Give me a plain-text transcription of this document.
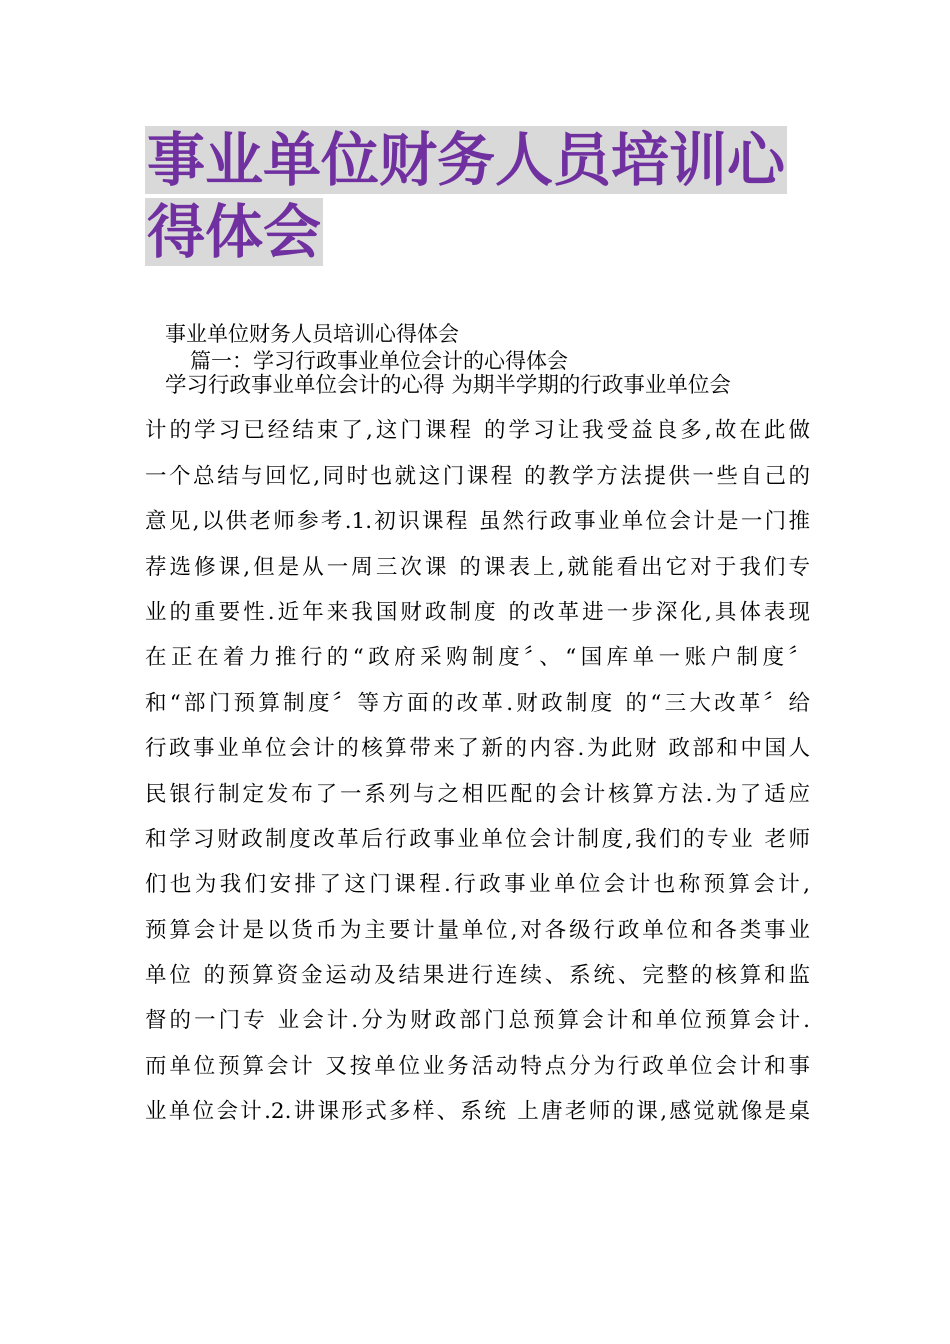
事业单位财务人员培训心
得体会

事业单位财务人员培训心得体会

篇一：学习行政事业单位会计的心得体会

学习行政事业单位会计的心得 为期半学期的行政事业单位会
计的学习已经结束了,这门课程 的学习让我受益良多,故在此做
一个总结与回忆,同时也就这门课程 的教学方法提供一些自己的
意见,以供老师参考.1.初识课程 虽然行政事业单位会计是一门推
荐选修课,但是从一周三次课 的课表上,就能看出它对于我们专
业的重要性.近年来我国财政制度 的改革进一步深化,具体表现
在正在着力推行的“政府采购制度〞、“国库单一账户制度〞
和“部门预算制度〞等方面的改革.财政制度 的“三大改革〞给
行政事业单位会计的核算带来了新的内容.为此财 政部和中国人
民银行制定发布了一系列与之相匹配的会计核算方法.为了适应
和学习财政制度改革后行政事业单位会计制度,我们的专业 老师
们也为我们安排了这门课程.行政事业单位会计也称预算会计,
预算会计是以货币为主要计量单位,对各级行政单位和各类事业
单位 的预算资金运动及结果进行连续、系统、完整的核算和监
督的一门专 业会计.分为财政部门总预算会计和单位预算会计.
而单位预算会计 又按单位业务活动特点分为行政单位会计和事
业单位会计.2.讲课形式多样、系统 上唐老师的课,感觉就像是桌
